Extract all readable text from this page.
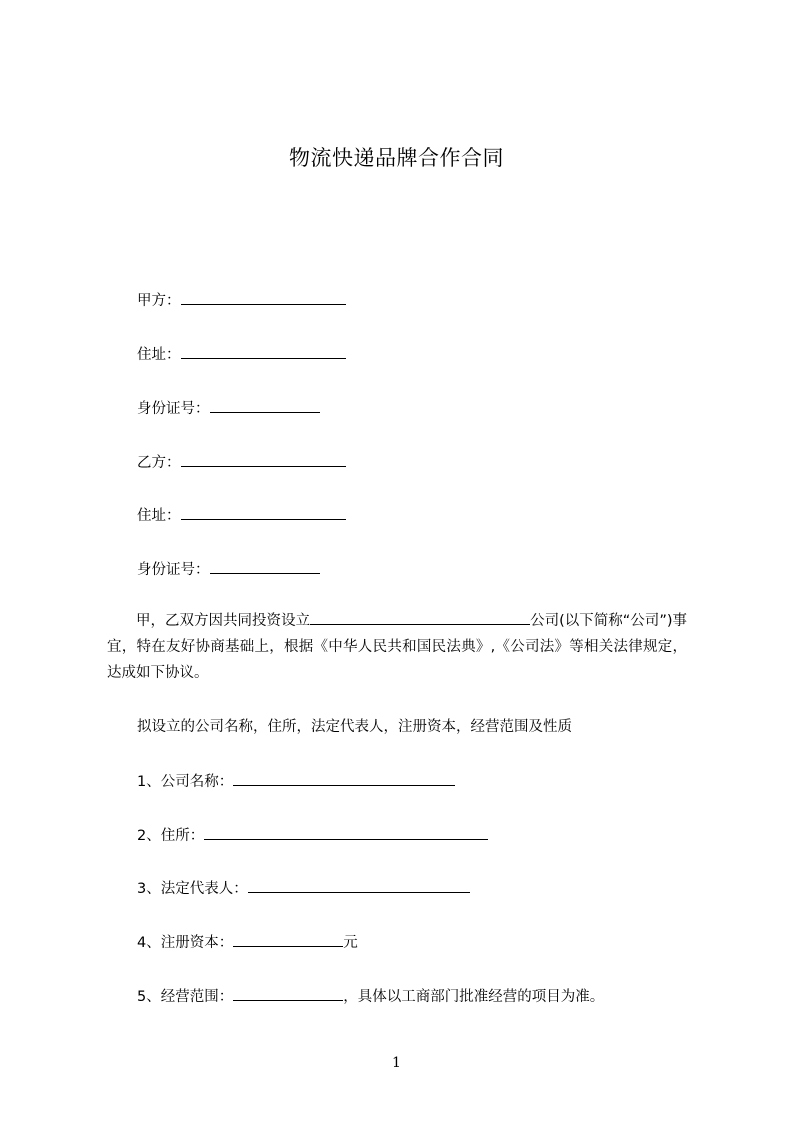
物流快递品牌合作合同
甲方：
住址：
身份证号：
乙方：
住址：
身份证号：
甲，乙双方因共同投资设立	公司(以下简称“公司”)事宜，特在友好协商基础上，根据《中华人民共和国民法典》,《公司法》等相关法律规定，达成如下协议。
拟设立的公司名称，住所，法定代表人，注册资本，经营范围及性质
1、公司名称：
2、住所：
3、法定代表人：
4、注册资本：	元
5、经营范围：	，具体以工商部门批准经营的项目为准。
1
